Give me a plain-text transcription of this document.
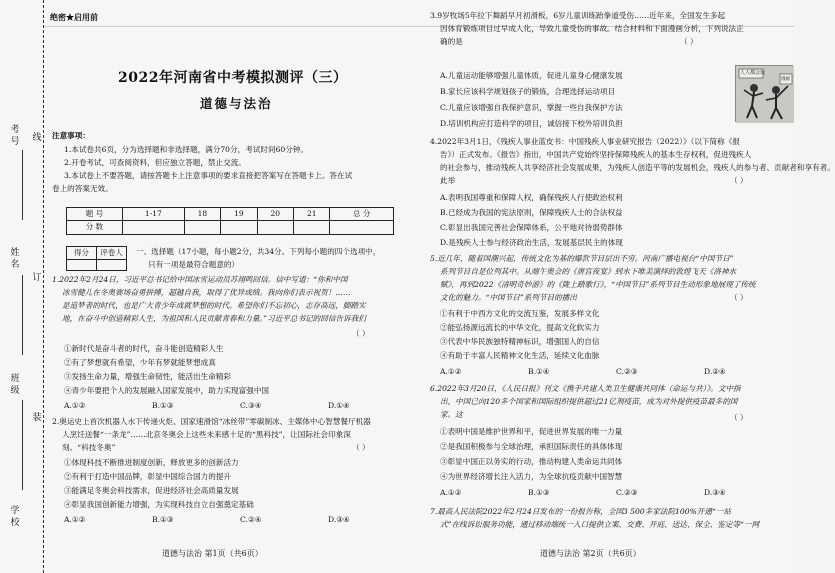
绝密★启用前
考号
姓名
班级
学校
线
订
装
2022年河南省中考模拟测评（三）
道德与法治
注意事项：
1.本试卷共6页，分为选择题和非选择题，满分70分，考试时间60分钟。
2.开卷考试，可查阅资料，但应独立答题，禁止交流。
3.本试卷上不要答题，请按答题卡上注意事项的要求直接把答案写在答题卡上。答在试
卷上的答案无效。
题 号	1-17	18	19	20	21	总 分
分 数						
得分	评卷人
	一、选择题（17小题，每小题2分，共34分。下列每小题的四个选项中，
只有一项是最符合题意的）
1.2022年2月24日，习近平总书记给中国冰雪运动员苏翊鸣回信。信中写道：“你和中国
冰雪健儿在冬奥赛场奋勇拼搏，超越自我，取得了优异成绩。我向你们表示祝贺！……
是追梦者的时代，也是广大青少年成就梦想的时代。希望你们不忘初心，志存高远，脚踏实
地，在奋斗中创造精彩人生，为祖国和人民贡献青春和力量。”习近平总书记的回信告诉我们
（ ）
①新时代是奋斗者的时代，奋斗能创造精彩人生
②有了梦想就有希望，少年有梦就能梦想成真
③发扬生命力量，增强生命韧性，能活出生命精彩
④青少年要把个人的发展融入国家发展中，助力实现富强中国
A.①②	B.①③	C.③④	D.①④
2.奥运史上首次机器人水下传递火炬、国家速滑馆“冰丝带”零碳制冰、主媒体中心智慧餐厅机器
人烹饪送餐“一条龙”……北京冬奥会上这些未来感十足的“黑科技”，让国际社会印象深
刻。“科技冬奥”	（ ）
①体现科技不断推进制度创新，释放更多的创新活力
②有利于打造中国品牌，彰显中国综合国力的提升
③能满足冬奥会科技需求，促进经济社会高质量发展
④彰显我国创新能力增强，为实现科技自立自强奠定基础
A.①②	B.①③	C.②④	D.③④
道德与法治 第1页（共6页）
3.9岁牧场5年拉下舞蹈早月初滑板，6岁儿童训练跆拳道受伤……近年来，全国发生多起
因体育锻炼项目过早成人化，导致儿童受伤的事故。结合材料和下面漫画分析，下列说法正
确的是	（ ）
A.儿童运动能够增强儿童体质，促进儿童身心健康发展
B.家长应该科学规划孩子的锻炼，合理选择运动项目
C.儿童应该增强自我保护意识，掌握一些自我保护方法
D.培训机构应打造科学的项目，诚信接下校外培训负担
4.2022年3月1日，《残疾人事业蓝皮书：中国残疾人事业研究报告（2022）》（以下简称《报
告》）正式发布。《报告》指出，中国共产党始终坚持保障残疾人的基本生存权利，促进残疾人
的社会参与，推动残疾人共享经济社会发展成果，为残疾人创造平等的发展机会，残疾人的参与者、贡献者和享有者。
此举	（ ）
A.表明我国尊重和保障人权，确保残疾人行使政治权利
B.已经成为我国的宪法原则，保障残疾人士的合法权益
C.彰显出我国完善社会保障体系，公平地对待弱势群体
D.是残疾人士参与经济政治生活，发展基层民主的体现
5.近几年，随着国潮兴起，传统文化为基的爆款节目层出不穷。河南广播电视台“中国节日”
系列节目自是位列其中。从端午奥会的《唐宫夜宴》到水下唯美演绎的敦煌飞天《洛神水
赋》，再到2022《清明奇妙游》的《陇上踏歌行》，“中国节日”系列节目生动形象地展现了传统
文化的魅力。“中国节日”系列节目的播出	（ ）
①有利于中西方文化的交流互鉴，发展多样文化
②能弘扬源远流长的中华文化，提高文化软实力
③代表中华民族独特精神标识，增强国人的自信
④有助于丰富人民精神文化生活，延续文化血脉
A.①②	B.①④	C.②③	D.②④
6.2022年3月20日，《人民日报》刊文《携手共建人类卫生健康共同体（命运与共）》。文中指
出，中国已向120多个国家和国际组织提供超过21亿剂疫苗，成为对外提供疫苗最多的国
家。这	（ ）
①表明中国是维护世界和平，促进世界发展的唯一力量
②是我国积极参与全球治理，承担国际责任的具体体现
③彰显中国正以务实的行动，推动构建人类命运共同体
④为世界经济增长注入活力，为全球抗疫贡献中国智慧
A.①②	B.①③	C.②③	D.③④
7.最高人民法院2022年2月24日发布的一份报告称，全国3 500多家法院100%开通“一站
式”在线诉讼服务功能，通过移动端统一入口提供立案、交费、开庭、送达、保全、鉴定等“一网
道德与法治 第2页（共6页）
人人都会玩
漫画
